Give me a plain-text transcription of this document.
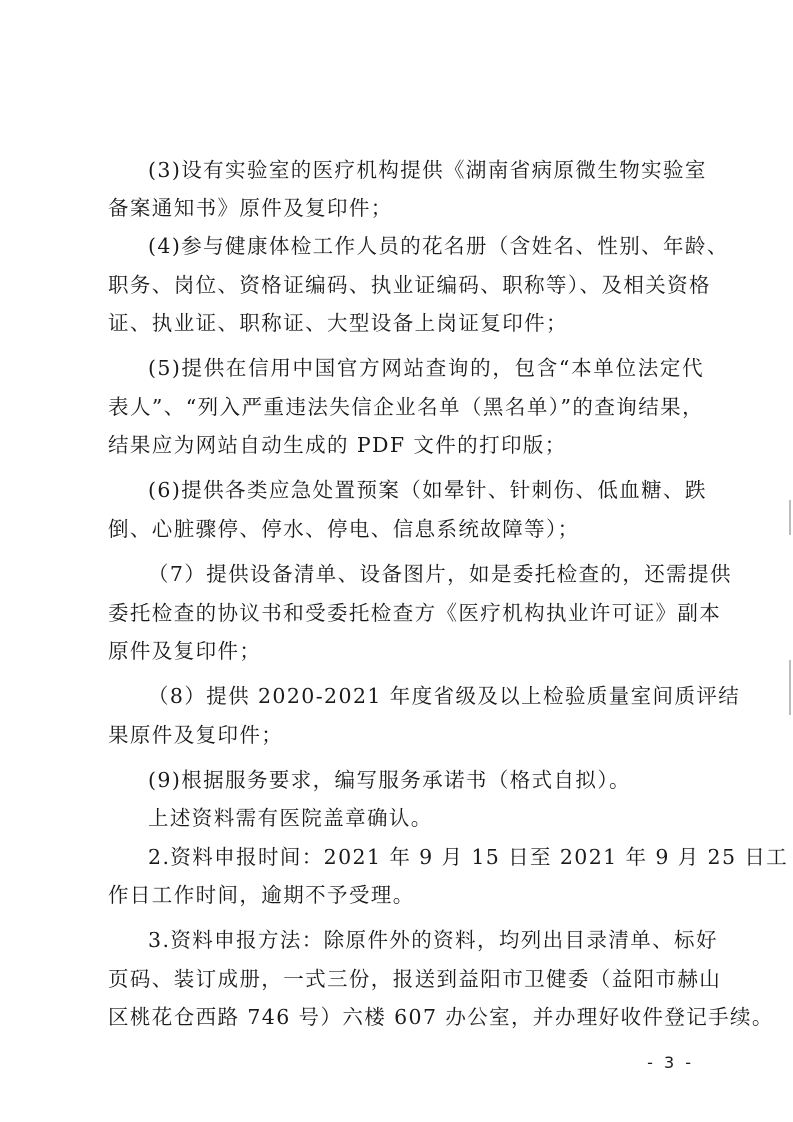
(3)设有实验室的医疗机构提供《湖南省病原微生物实验室
备案通知书》原件及复印件；
(4)参与健康体检工作人员的花名册（含姓名、性别、年龄、
职务、岗位、资格证编码、执业证编码、职称等）、及相关资格
证、执业证、职称证、大型设备上岗证复印件；
(5)提供在信用中国官方网站查询的，包含“本单位法定代
表人”、“列入严重违法失信企业名单（黑名单）”的查询结果，
结果应为网站自动生成的 PDF 文件的打印版；
(6)提供各类应急处置预案（如晕针、针刺伤、低血糖、跌
倒、心脏骤停、停水、停电、信息系统故障等）；
（7）提供设备清单、设备图片，如是委托检查的，还需提供
委托检查的协议书和受委托检查方《医疗机构执业许可证》副本
原件及复印件；
（8）提供 2020-2021 年度省级及以上检验质量室间质评结
果原件及复印件；
(9)根据服务要求，编写服务承诺书（格式自拟）。
上述资料需有医院盖章确认。
2.资料申报时间：2021 年 9 月 15 日至 2021 年 9 月 25 日工
作日工作时间，逾期不予受理。
3.资料申报方法：除原件外的资料，均列出目录清单、标好
页码、装订成册，一式三份，报送到益阳市卫健委（益阳市赫山
区桃花仓西路 746 号）六楼 607 办公室，并办理好收件登记手续。
- 3 -
